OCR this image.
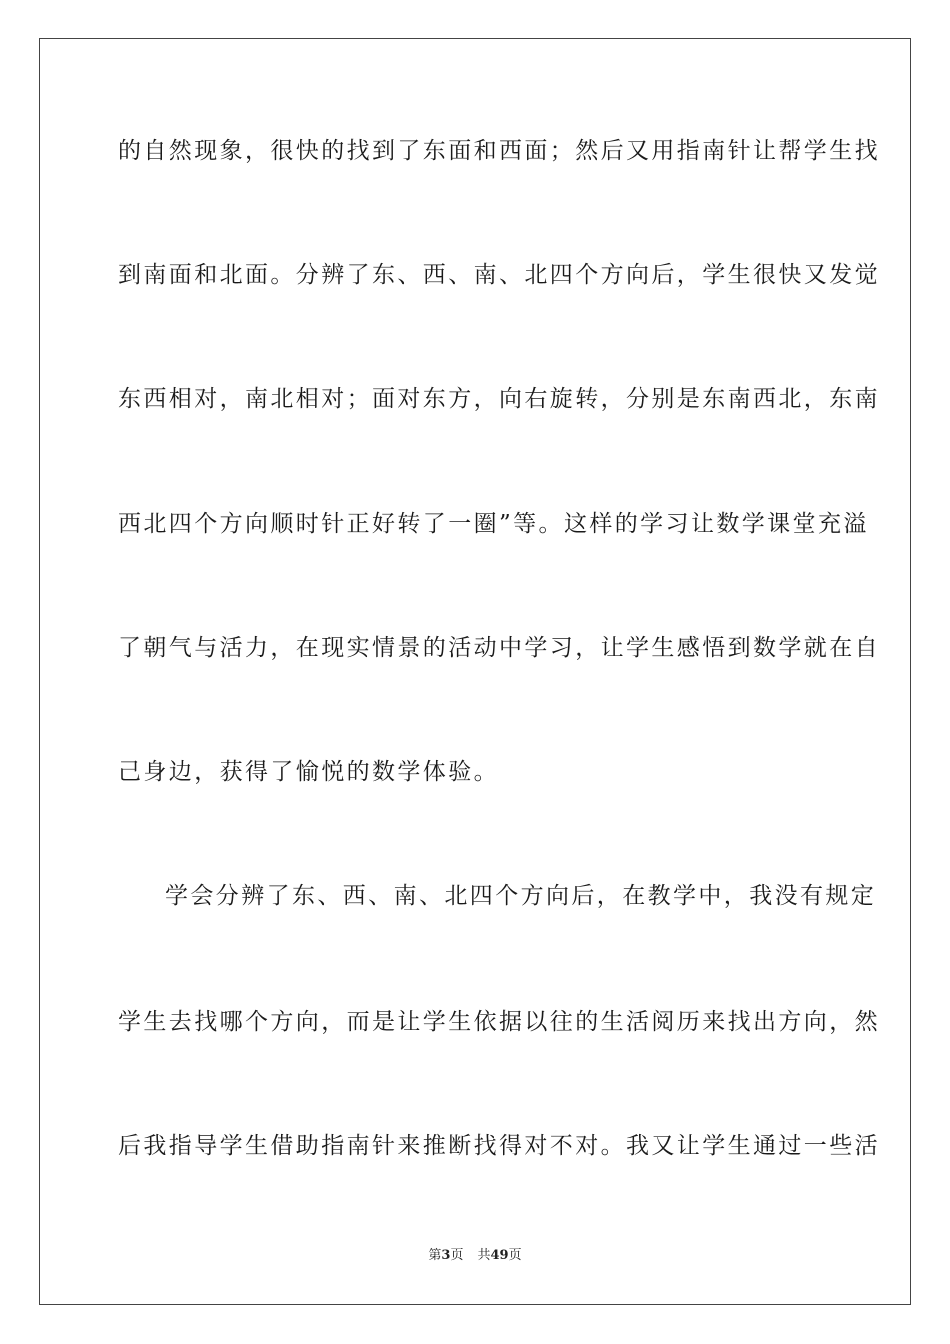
的自然现象，很快的找到了东面和西面；然后又用指南针让帮学生找
到南面和北面。分辨了东、西、南、北四个方向后，学生很快又发觉
东西相对，南北相对；面对东方，向右旋转，分别是东南西北，东南
西北四个方向顺时针正好转了一圈”等。这样的学习让数学课堂充溢
了朝气与活力，在现实情景的活动中学习，让学生感悟到数学就在自
己身边，获得了愉悦的数学体验。
学会分辨了东、西、南、北四个方向后，在教学中，我没有规定
学生去找哪个方向，而是让学生依据以往的生活阅历来找出方向，然
后我指导学生借助指南针来推断找得对不对。我又让学生通过一些活
第3页 共49页
